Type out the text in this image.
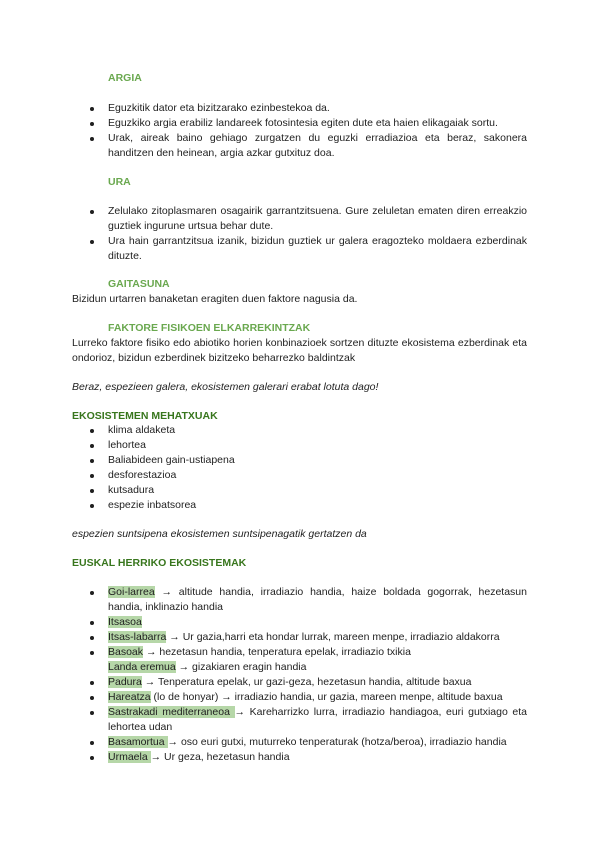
ARGIA
Eguzkitik dator eta bizitzarako ezinbestekoa da.
Eguzkiko argia erabiliz landareek fotosintesia egiten dute eta haien elikagaiak sortu.
Urak, aireak baino gehiago zurgatzen du eguzki erradiazioa eta beraz, sakonera handitzen den heinean, argia azkar gutxituz doa.
URA
Zelulako zitoplasmaren osagairik garrantzitsuena. Gure zeluletan ematen diren erreakzio guztiek ingurune urtsua behar dute.
Ura hain garrantzitsua izanik, bizidun guztiek ur galera eragozteko moldaera ezberdinak dituzte.
GAITASUNA
Bizidun urtarren banaketan eragiten duen faktore nagusia da.
FAKTORE FISIKOEN ELKARREKINTZAK
Lurreko faktore fisiko edo abiotiko horien konbinazioek sortzen dituzte ekosistema ezberdinak eta ondorioz, bizidun ezberdinek bizitzeko beharrezko baldintzak
Beraz, espezieen galera, ekosistemen galerari erabat lotuta dago!
EKOSISTEMEN MEHATXUAK
klima aldaketa
lehortea
Baliabideen gain-ustiapena
desforestazioa
kutsadura
espezie inbatsorea
espezien suntsipena ekosistemen suntsipenagatik gertatzen da
EUSKAL HERRIKO EKOSISTEMAK
Goi-larrea → altitude handia, irradiazio handia, haize boldada gogorrak, hezetasun handia, inklinazio handia
Itsasoa
Itsas-labarra → Ur gazia,harri eta hondar lurrak, mareen menpe, irradiazio aldakorra
Basoak → hezetasun handia, tenperatura epelak, irradiazio txikia
Landa eremua → gizakiaren eragin handia
Padura → Tenperatura epelak, ur gazi-geza, hezetasun handia, altitude baxua
Hareatza (lo de honyar) → irradiazio handia, ur gazia, mareen menpe, altitude baxua
Sastrakadi mediterraneoa → Kareharrizko lurra, irradiazio handiagoa, euri gutxiago eta lehortea udan
Basamortua → oso euri gutxi, muturreko tenperaturak (hotza/beroa), irradiazio handia
Urmaela → Ur geza, hezetasun handia
